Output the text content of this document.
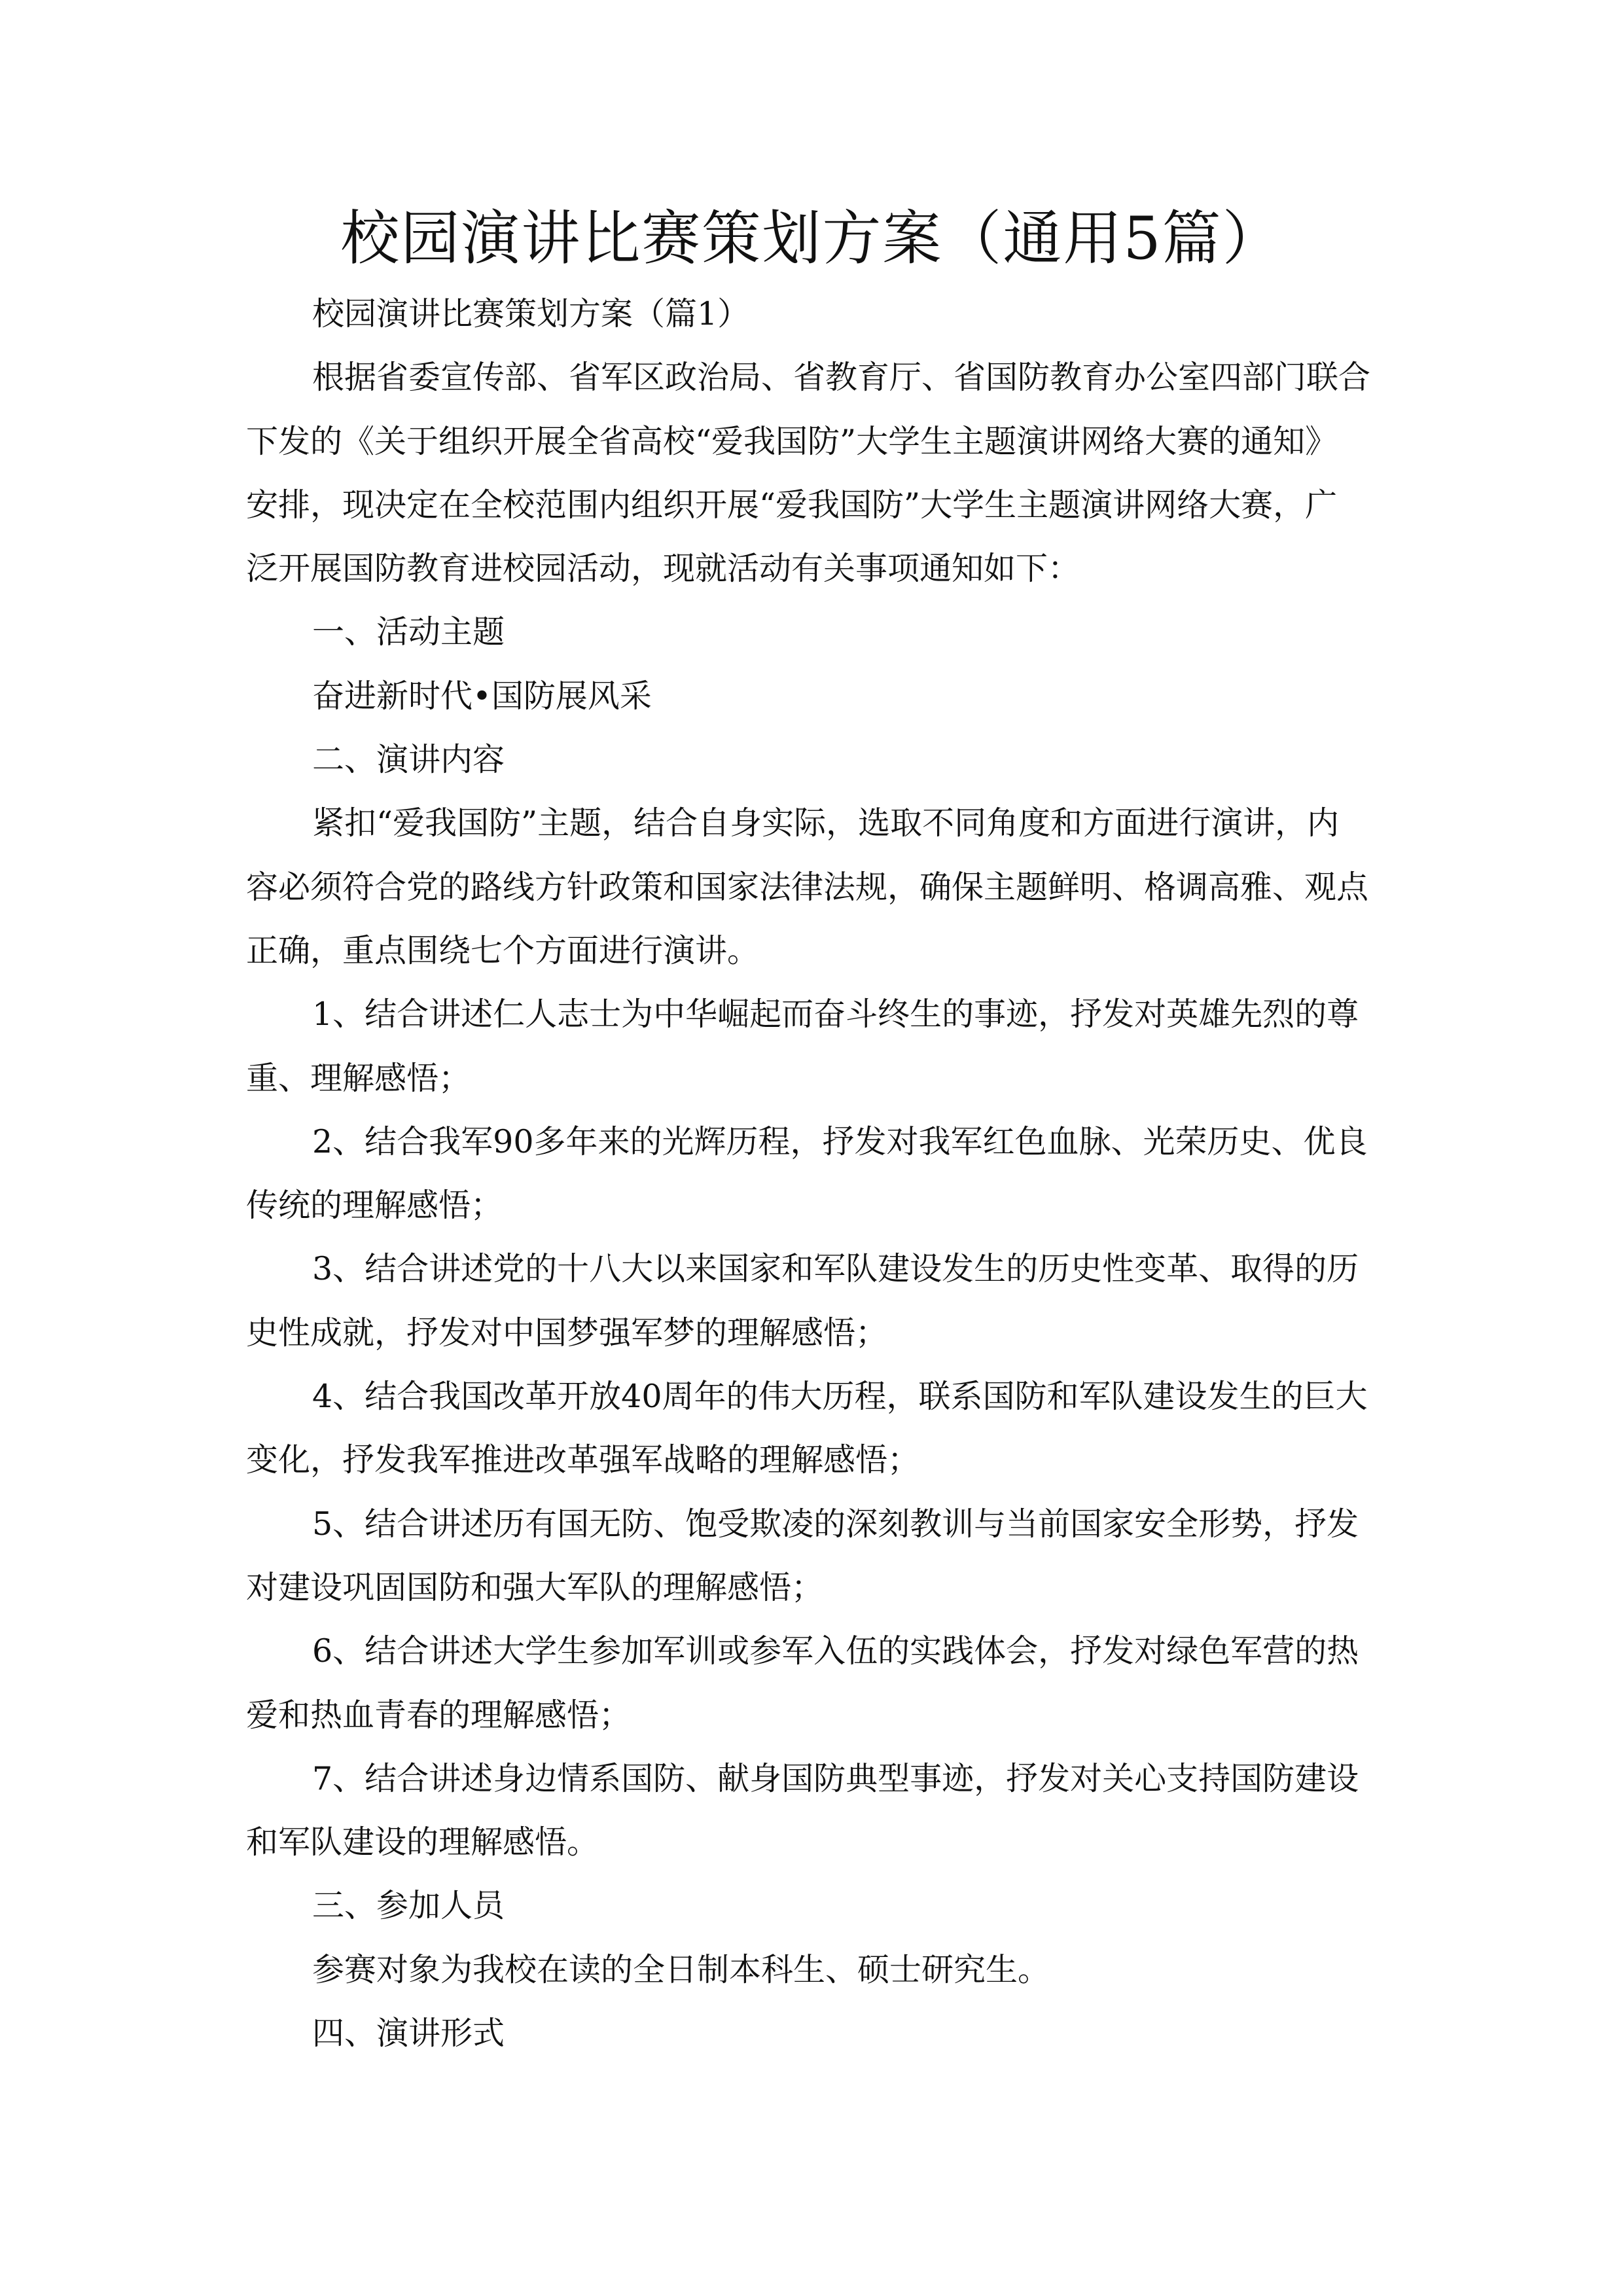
校园演讲比赛策划方案（通用5篇）
校园演讲比赛策划方案（篇1）
根据省委宣传部、省军区政治局、省教育厅、省国防教育办公室四部门联合
下发的《关于组织开展全省高校“爱我国防”大学生主题演讲网络大赛的通知》
安排，现决定在全校范围内组织开展“爱我国防”大学生主题演讲网络大赛，广
泛开展国防教育进校园活动，现就活动有关事项通知如下：
一、活动主题
奋进新时代•国防展风采
二、演讲内容
紧扣“爱我国防”主题，结合自身实际，选取不同角度和方面进行演讲，内
容必须符合党的路线方针政策和国家法律法规，确保主题鲜明、格调高雅、观点
正确，重点围绕七个方面进行演讲。
1、结合讲述仁人志士为中华崛起而奋斗终生的事迹，抒发对英雄先烈的尊
重、理解感悟；
2、结合我军90多年来的光辉历程，抒发对我军红色血脉、光荣历史、优良
传统的理解感悟；
3、结合讲述党的十八大以来国家和军队建设发生的历史性变革、取得的历
史性成就，抒发对中国梦强军梦的理解感悟；
4、结合我国改革开放40周年的伟大历程，联系国防和军队建设发生的巨大
变化，抒发我军推进改革强军战略的理解感悟；
5、结合讲述历有国无防、饱受欺凌的深刻教训与当前国家安全形势，抒发
对建设巩固国防和强大军队的理解感悟；
6、结合讲述大学生参加军训或参军入伍的实践体会，抒发对绿色军营的热
爱和热血青春的理解感悟；
7、结合讲述身边情系国防、献身国防典型事迹，抒发对关心支持国防建设
和军队建设的理解感悟。
三、参加人员
参赛对象为我校在读的全日制本科生、硕士研究生。
四、演讲形式
